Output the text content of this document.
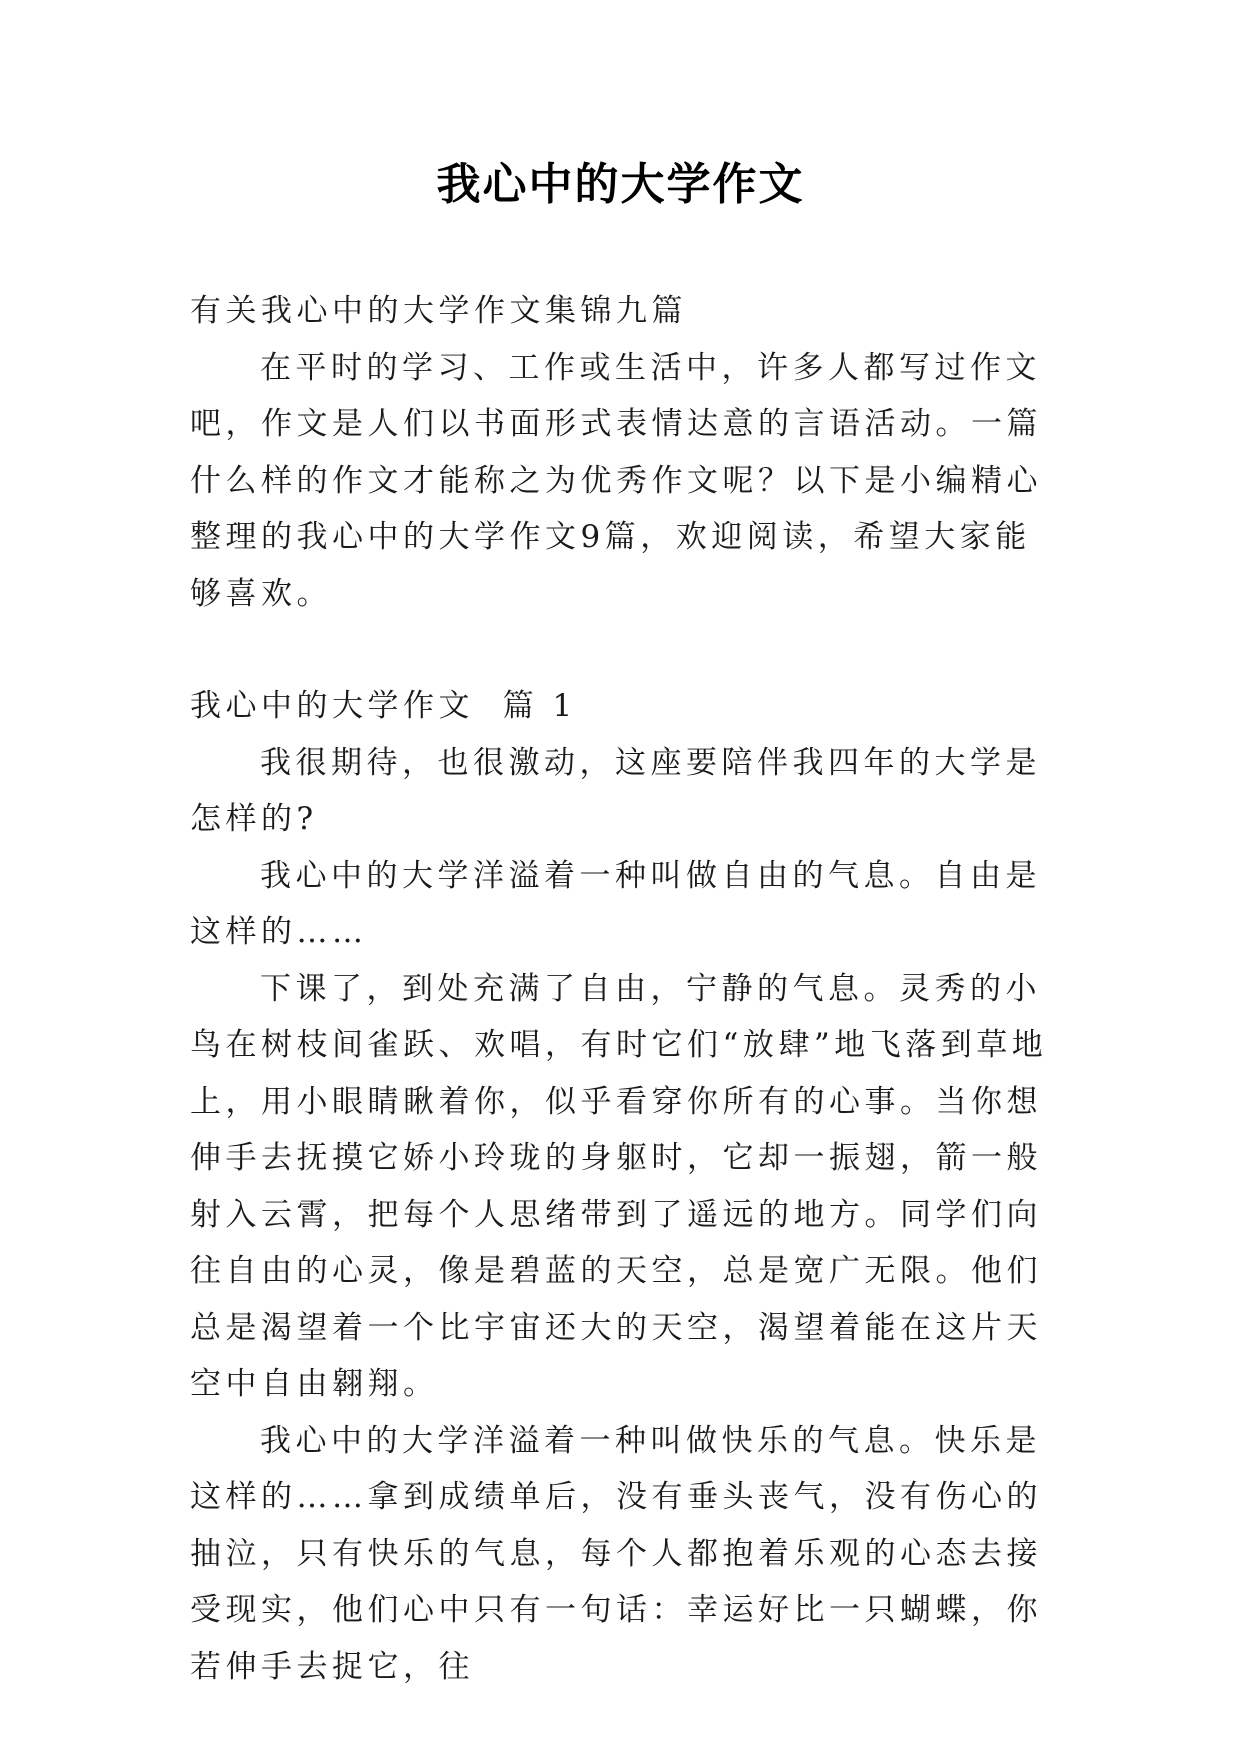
我心中的大学作文

有关我心中的大学作文集锦九篇

在平时的学习、工作或生活中，许多人都写过作文吧，作文是人们以书面形式表情达意的言语活动。一篇什么样的作文才能称之为优秀作文呢？以下是小编精心整理的我心中的大学作文9篇，欢迎阅读，希望大家能够喜欢。

我心中的大学作文  篇 1

我很期待，也很激动，这座要陪伴我四年的大学是怎样的?

我心中的大学洋溢着一种叫做自由的气息。自由是这样的……

下课了，到处充满了自由，宁静的气息。灵秀的小鸟在树枝间雀跃、欢唱，有时它们“放肆”地飞落到草地上，用小眼睛瞅着你，似乎看穿你所有的心事。当你想伸手去抚摸它娇小玲珑的身躯时，它却一振翅，箭一般射入云霄，把每个人思绪带到了遥远的地方。同学们向往自由的心灵，像是碧蓝的天空，总是宽广无限。他们总是渴望着一个比宇宙还大的天空，渴望着能在这片天空中自由翱翔。

我心中的大学洋溢着一种叫做快乐的气息。快乐是这样的……拿到成绩单后，没有垂头丧气，没有伤心的抽泣，只有快乐的气息，每个人都抱着乐观的心态去接受现实，他们心中只有一句话：幸运好比一只蝴蝶，你若伸手去捉它，往
